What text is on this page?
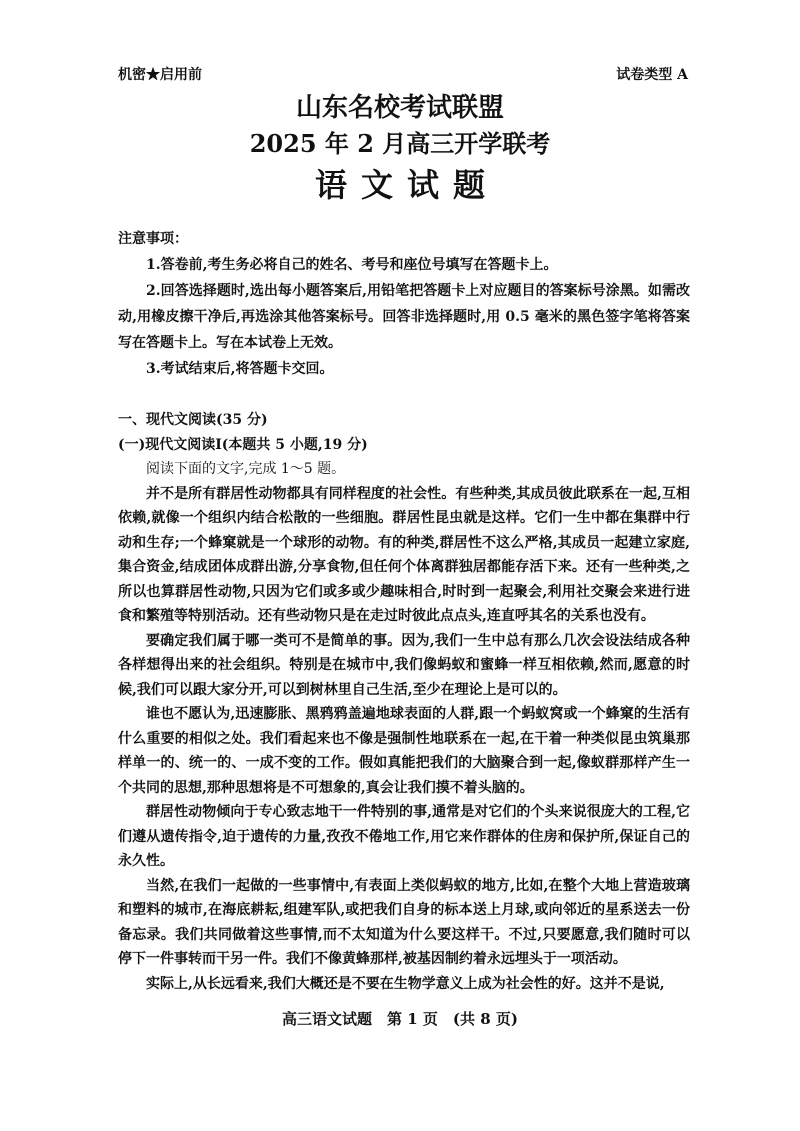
机密★启用前	试卷类型 A
山东名校考试联盟
2025 年 2 月高三开学联考
语文试题

注意事项：

1.答卷前,考生务必将自己的姓名、考号和座位号填写在答题卡上。

2.回答选择题时,选出每小题答案后,用铅笔把答题卡上对应题目的答案标号涂黑。如需改动,用橡皮擦干净后,再选涂其他答案标号。回答非选择题时,用 0.5 毫米的黑色签字笔将答案写在答题卡上。写在本试卷上无效。

3.考试结束后,将答题卡交回。

一、现代文阅读(35 分)

(一)现代文阅读Ⅰ(本题共 5 小题,19 分)

阅读下面的文字,完成 1～5 题。

并不是所有群居性动物都具有同样程度的社会性。有些种类,其成员彼此联系在一起,互相依赖,就像一个组织内结合松散的一些细胞。群居性昆虫就是这样。它们一生中都在集群中行动和生存;一个蜂窠就是一个球形的动物。有的种类,群居性不这么严格,其成员一起建立家庭,集合资金,结成团体成群出游,分享食物,但任何个体离群独居都能存活下来。还有一些种类,之所以也算群居性动物,只因为它们或多或少趣味相合,时时到一起聚会,利用社交聚会来进行进食和繁殖等特别活动。还有些动物只是在走过时彼此点点头,连直呼其名的关系也没有。

要确定我们属于哪一类可不是简单的事。因为,我们一生中总有那么几次会设法结成各种各样想得出来的社会组织。特别是在城市中,我们像蚂蚁和蜜蜂一样互相依赖,然而,愿意的时候,我们可以跟大家分开,可以到树林里自己生活,至少在理论上是可以的。

谁也不愿认为,迅速膨胀、黑鸦鸦盖遍地球表面的人群,跟一个蚂蚁窝或一个蜂窠的生活有什么重要的相似之处。我们看起来也不像是强制性地联系在一起,在干着一种类似昆虫筑巢那样单一的、统一的、一成不变的工作。假如真能把我们的大脑聚合到一起,像蚁群那样产生一个共同的思想,那种思想将是不可想象的,真会让我们摸不着头脑的。

群居性动物倾向于专心致志地干一件特别的事,通常是对它们的个头来说很庞大的工程,它们遵从遗传指令,迫于遗传的力量,孜孜不倦地工作,用它来作群体的住房和保护所,保证自己的永久性。

当然,在我们一起做的一些事情中,有表面上类似蚂蚁的地方,比如,在整个大地上营造玻璃和塑料的城市,在海底耕耘,组建军队,或把我们自身的标本送上月球,或向邻近的星系送去一份备忘录。我们共同做着这些事情,而不太知道为什么要这样干。不过,只要愿意,我们随时可以停下一件事转而干另一件。我们不像黄蜂那样,被基因制约着永远埋头于一项活动。

实际上,从长远看来,我们大概还是不要在生物学意义上成为社会性的好。这并不是说,

高三语文试题　第 1 页　(共 8 页)
